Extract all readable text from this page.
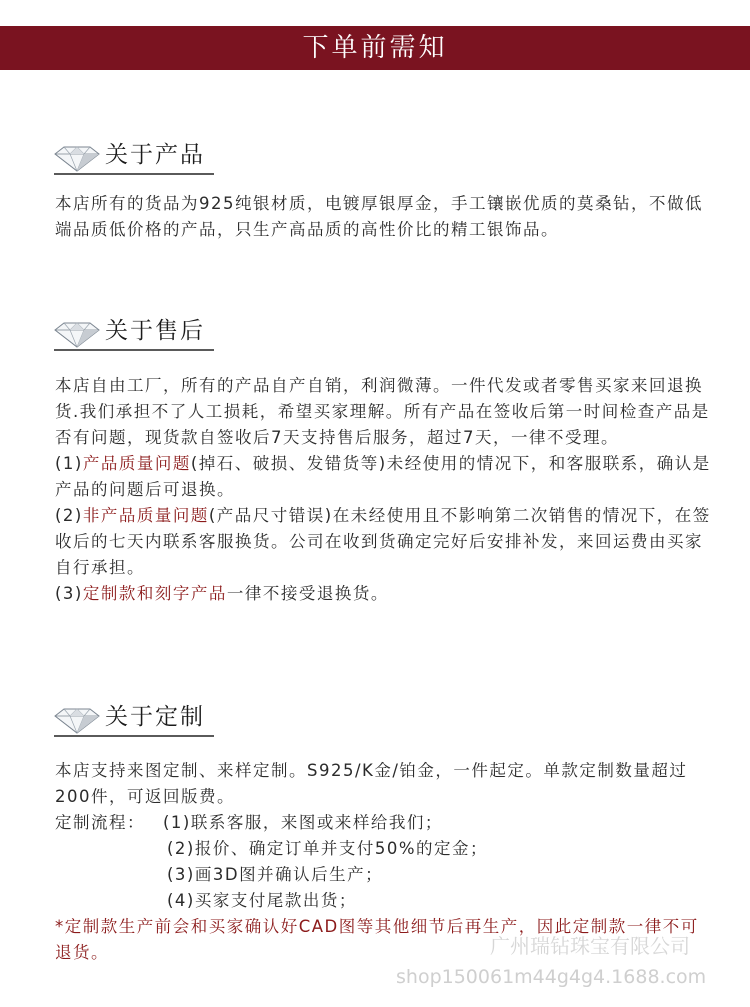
下单前需知
关于产品

本店所有的货品为925纯银材质，电镀厚银厚金，手工镶嵌优质的莫桑钻，不做低端品质低价格的产品，只生产高品质的高性价比的精工银饰品。

关于售后

本店自由工厂，所有的产品自产自销，利润微薄。一件代发或者零售买家来回退换货.我们承担不了人工损耗，希望买家理解。所有产品在签收后第一时间检查产品是否有问题，现货款自签收后7天支持售后服务，超过7天，一律不受理。

(1)产品质量问题(掉石、破损、发错货等)未经使用的情况下，和客服联系，确认是产品的问题后可退换。

(2)非产品质量问题(产品尺寸错误)在未经使用且不影响第二次销售的情况下，在签收后的七天内联系客服换货。公司在收到货确定完好后安排补发，来回运费由买家自行承担。

(3)定制款和刻字产品一律不接受退换货。

关于定制

本店支持来图定制、来样定制。S925/K金/铂金，一件起定。单款定制数量超过200件，可返回版费。

定制流程： (1)联系客服，来图或来样给我们；

(2)报价、确定订单并支付50%的定金；

(3)画3D图并确认后生产；

(4)买家支付尾款出货；

*定制款生产前会和买家确认好CAD图等其他细节后再生产，因此定制款一律不可退货。	广州瑞钻珠宝有限公司
shop150061m44g4g4.1688.com
